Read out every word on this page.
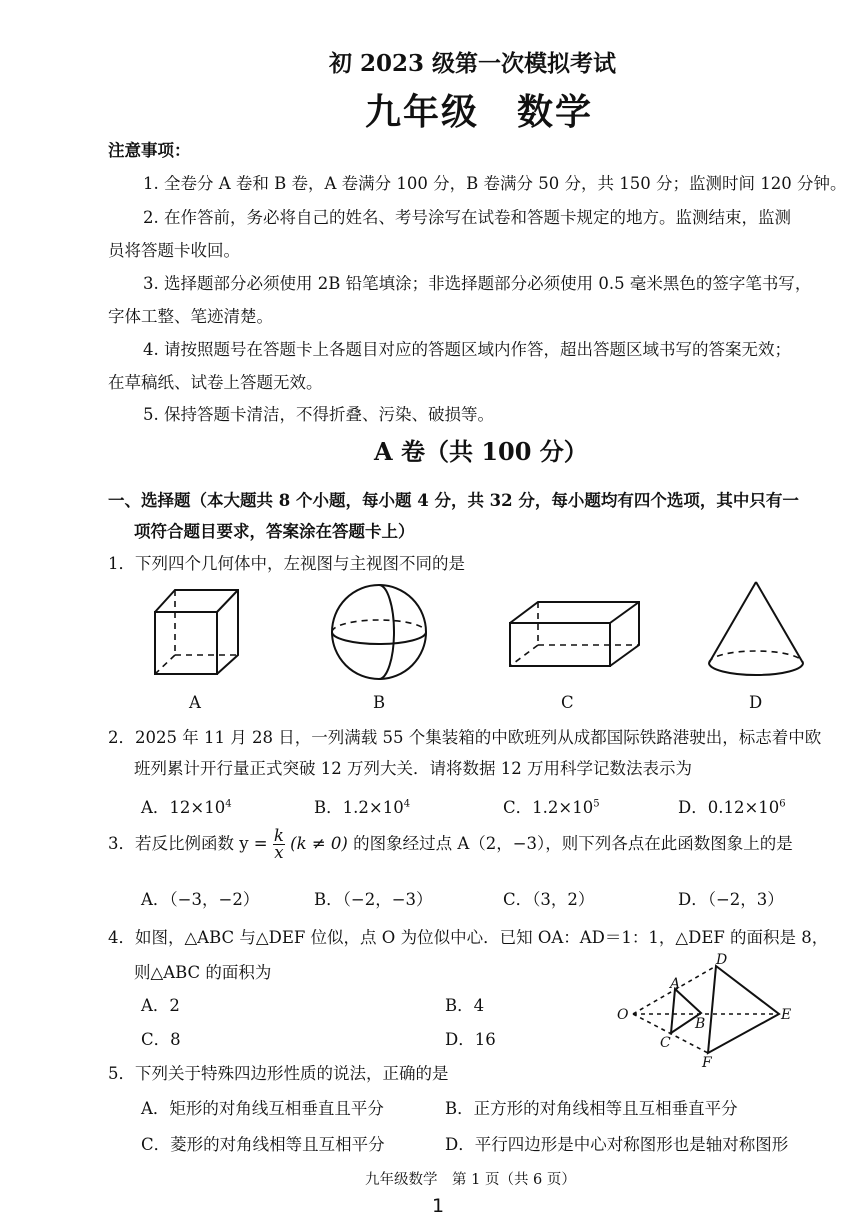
初 2023 级第一次模拟考试
九年级　数学
注意事项：
1. 全卷分 A 卷和 B 卷，A 卷满分 100 分，B 卷满分 50 分，共 150 分；监测时间 120 分钟。
2. 在作答前，务必将自己的姓名、考号涂写在试卷和答题卡规定的地方。监测结束，监测
员将答题卡收回。
3. 选择题部分必须使用 2B 铅笔填涂；非选择题部分必须使用 0.5 毫米黑色的签字笔书写，
字体工整、笔迹清楚。
4. 请按照题号在答题卡上各题目对应的答题区域内作答，超出答题区域书写的答案无效；
在草稿纸、试卷上答题无效。
5. 保持答题卡清洁，不得折叠、污染、破损等。
A 卷（共 100 分）
一、选择题（本大题共 8 个小题，每小题 4 分，共 32 分，每小题均有四个选项，其中只有一
项符合题目要求，答案涂在答题卡上）
1．下列四个几何体中，左视图与主视图不同的是
A	B	C	D
2．2025 年 11 月 28 日，一列满载 55 个集装箱的中欧班列从成都国际铁路港驶出，标志着中欧
班列累计开行量正式突破 12 万列大关．请将数据 12 万用科学记数法表示为
A．$12\times 10^4$	B．$1.2\times 10^4$	C．$1.2\times 10^5$	D．$0.12\times 10^6$
3．若反比例函数 $y = \frac{k}{x} (k \ne 0)$ 的图象经过点 A（2，−3），则下列各点在此函数图象上的是
A．（−3，−2）	B．（−2，−3）	C．（3，2）	D．（−2，3）
4．如图，△ABC 与△DEF 位似，点 O 为位似中心．已知 OA：AD＝1：1，△DEF 的面积是 8，
则△ABC 的面积为
A．2	B．4
C．8	D．16
O
A
B
C
D
E
F
5．下列关于特殊四边形性质的说法，正确的是
A．矩形的对角线互相垂直且平分	B．正方形的对角线相等且互相垂直平分
C．菱形的对角线相等且互相平分	D．平行四边形是中心对称图形也是轴对称图形
九年级数学　第 1 页（共 6 页）
1
